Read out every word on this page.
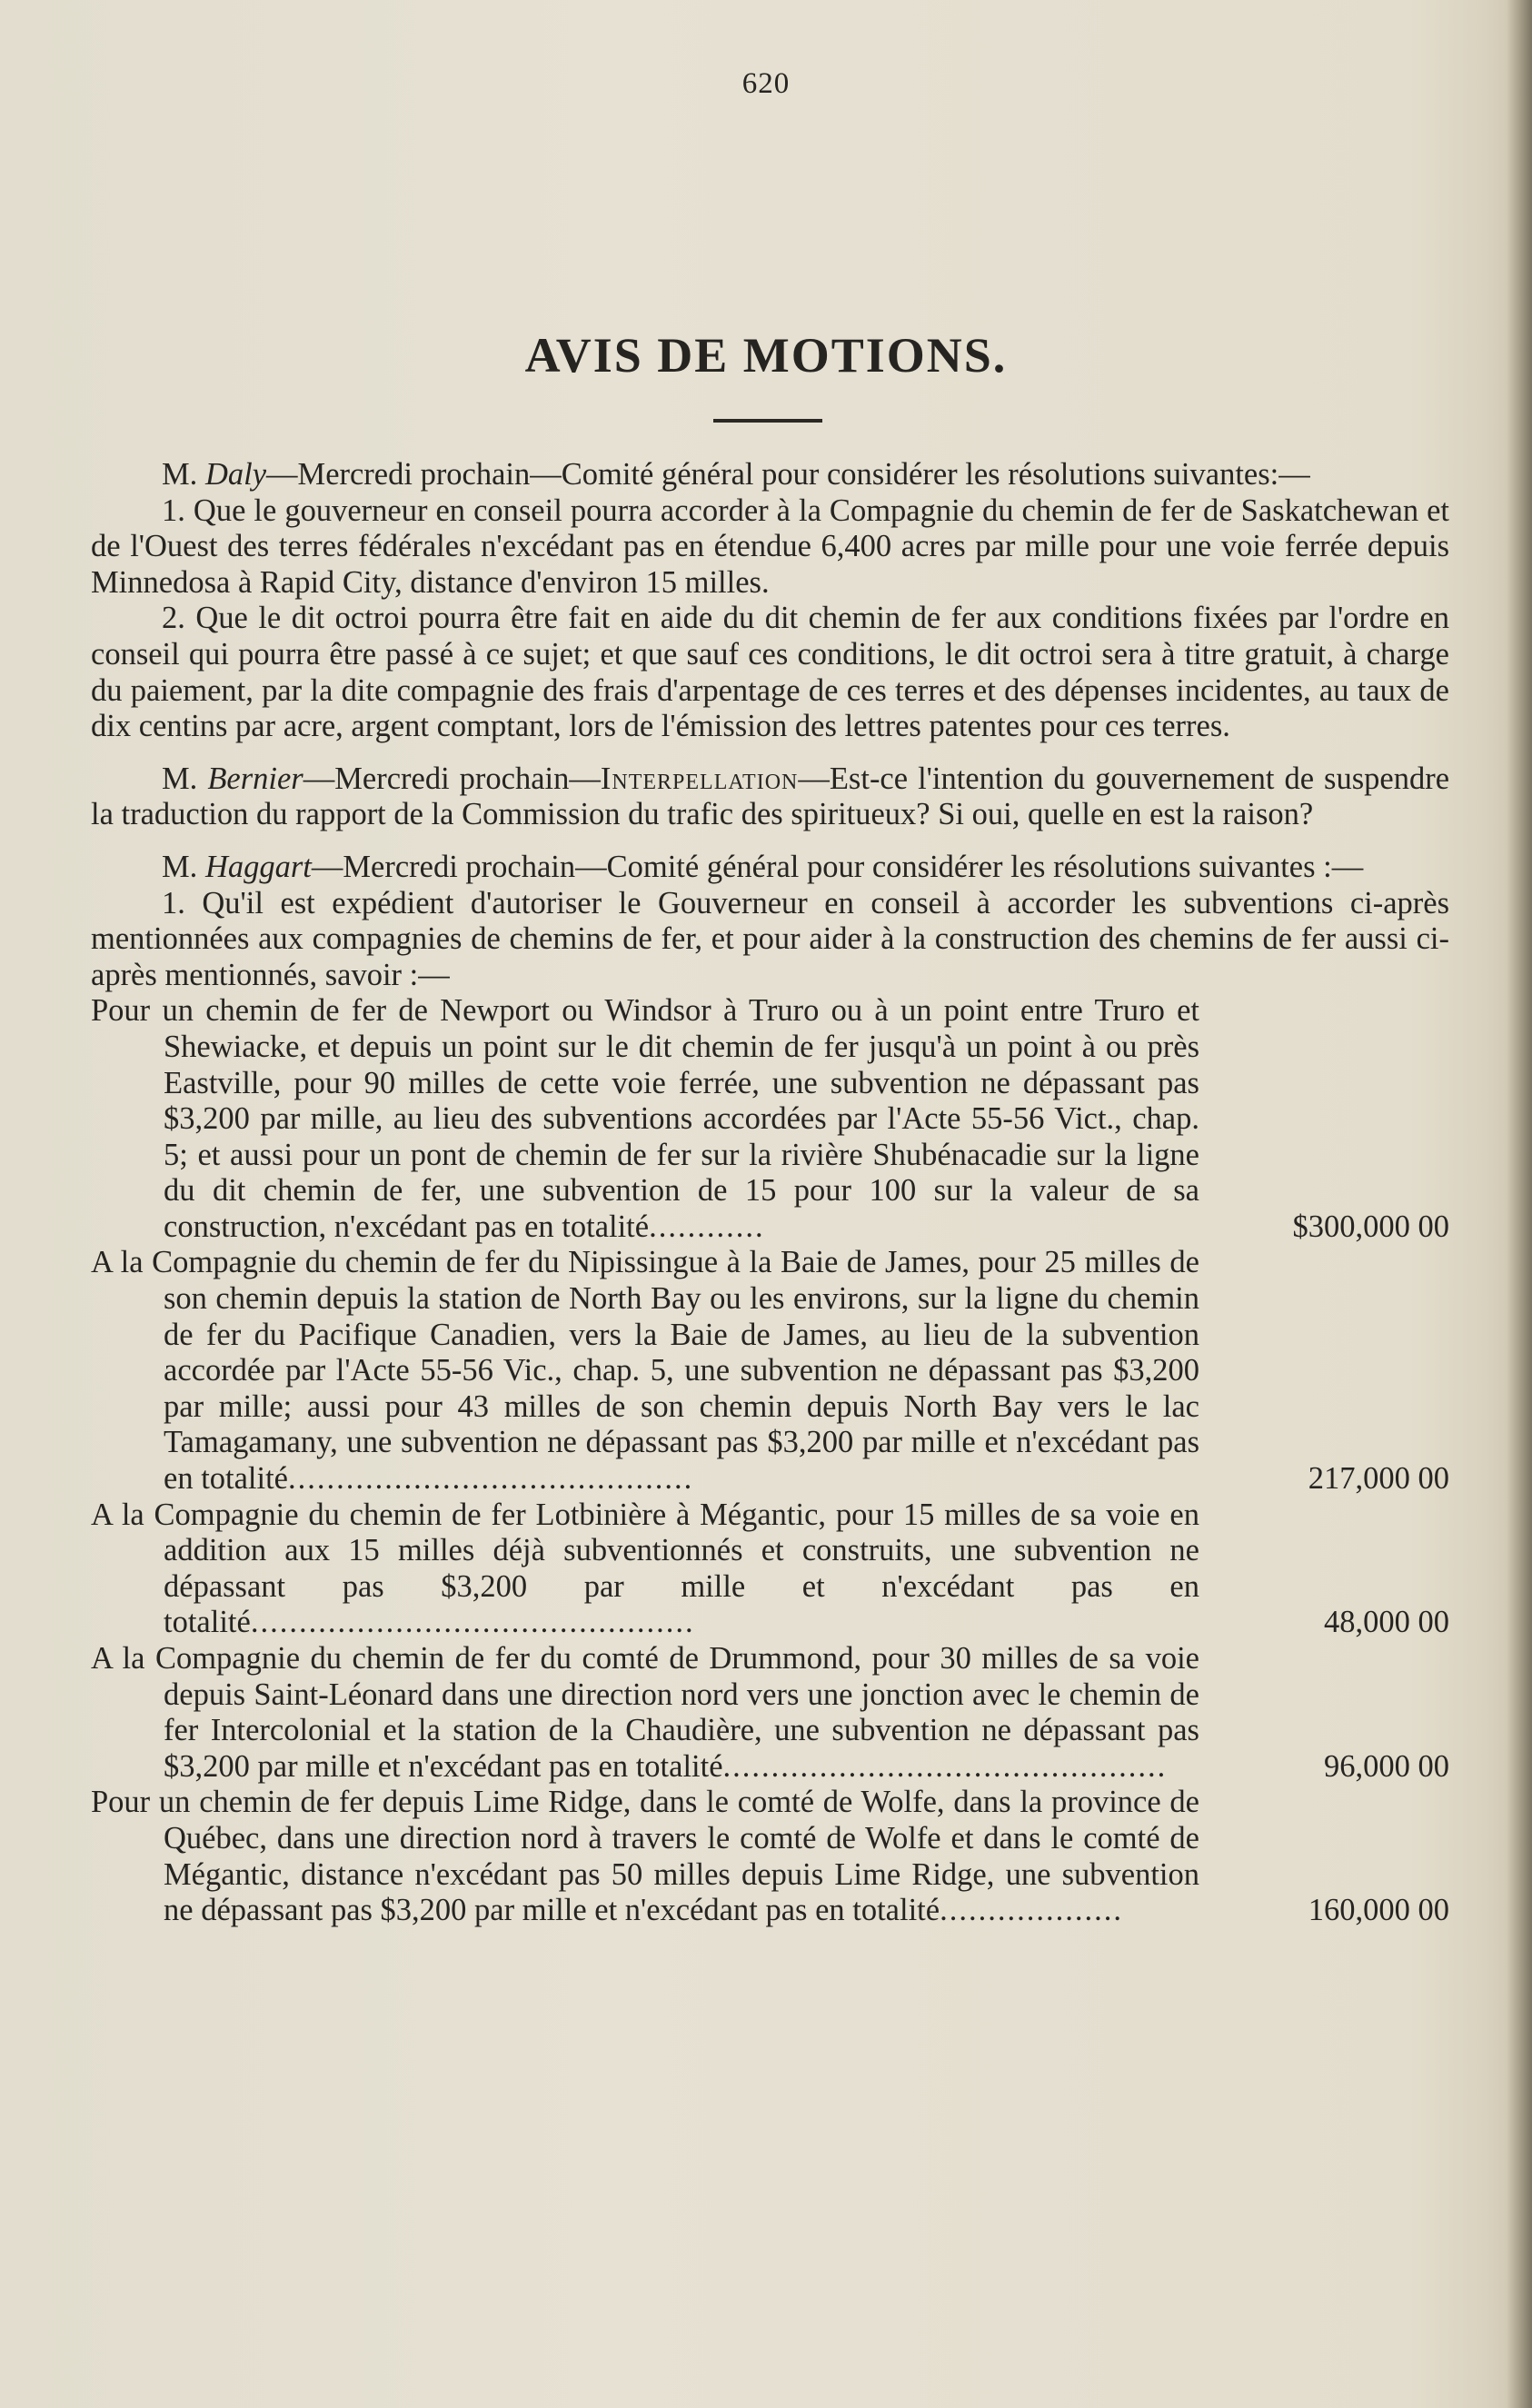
620
AVIS DE MOTIONS.
M. Daly—Mercredi prochain—Comité général pour considérer les résolutions suivantes:—
1. Que le gouverneur en conseil pourra accorder à la Compagnie du chemin de fer de Saskatchewan et de l'Ouest des terres fédérales n'excédant pas en étendue 6,400 acres par mille pour une voie ferrée depuis Minnedosa à Rapid City, distance d'environ 15 milles.
2. Que le dit octroi pourra être fait en aide du dit chemin de fer aux conditions fixées par l'ordre en conseil qui pourra être passé à ce sujet; et que sauf ces conditions, le dit octroi sera à titre gratuit, à charge du paiement, par la dite compagnie des frais d'arpentage de ces terres et des dépenses incidentes, au taux de dix centins par acre, argent comptant, lors de l'émission des lettres patentes pour ces terres.
M. Bernier—Mercredi prochain—Interpellation—Est-ce l'intention du gouvernement de suspendre la traduction du rapport de la Commission du trafic des spiritueux? Si oui, quelle en est la raison?
M. Haggart—Mercredi prochain—Comité général pour considérer les résolutions suivantes :—
1. Qu'il est expédient d'autoriser le Gouverneur en conseil à accorder les subventions ci-après mentionnées aux compagnies de chemins de fer, et pour aider à la construction des chemins de fer aussi ci-après mentionnés, savoir :—
Pour un chemin de fer de Newport ou Windsor à Truro ou à un point entre Truro et Shewiacke, et depuis un point sur le dit chemin de fer jusqu'à un point à ou près Eastville, pour 90 milles de cette voie ferrée, une subvention ne dépassant pas $3,200 par mille, au lieu des subventions accordées par l'Acte 55-56 Vict., chap. 5; et aussi pour un pont de chemin de fer sur la rivière Shubénacadie sur la ligne du dit chemin de fer, une subvention de 15 pour 100 sur la valeur de sa construction, n'excédant pas en totalité............	$300,000 00
A la Compagnie du chemin de fer du Nipissingue à la Baie de James, pour 25 milles de son chemin depuis la station de North Bay ou les environs, sur la ligne du chemin de fer du Pacifique Canadien, vers la Baie de James, au lieu de la subvention accordée par l'Acte 55-56 Vic., chap. 5, une subvention ne dépassant pas $3,200 par mille; aussi pour 43 milles de son chemin depuis North Bay vers le lac Tamagamany, une subvention ne dépassant pas $3,200 par mille et n'excédant pas en totalité..........................................	217,000 00
A la Compagnie du chemin de fer Lotbinière à Mégantic, pour 15 milles de sa voie en addition aux 15 milles déjà subventionnés et construits, une subvention ne dépassant pas $3,200 par mille et n'excédant pas en totalité..............................................	48,000 00
A la Compagnie du chemin de fer du comté de Drummond, pour 30 milles de sa voie depuis Saint-Léonard dans une direction nord vers une jonction avec le chemin de fer Intercolonial et la station de la Chaudière, une subvention ne dépassant pas $3,200 par mille et n'excédant pas en totalité..............................................	96,000 00
Pour un chemin de fer depuis Lime Ridge, dans le comté de Wolfe, dans la province de Québec, dans une direction nord à travers le comté de Wolfe et dans le comté de Mégantic, distance n'excédant pas 50 milles depuis Lime Ridge, une subvention ne dépassant pas $3,200 par mille et n'excédant pas en totalité...................	160,000 00
